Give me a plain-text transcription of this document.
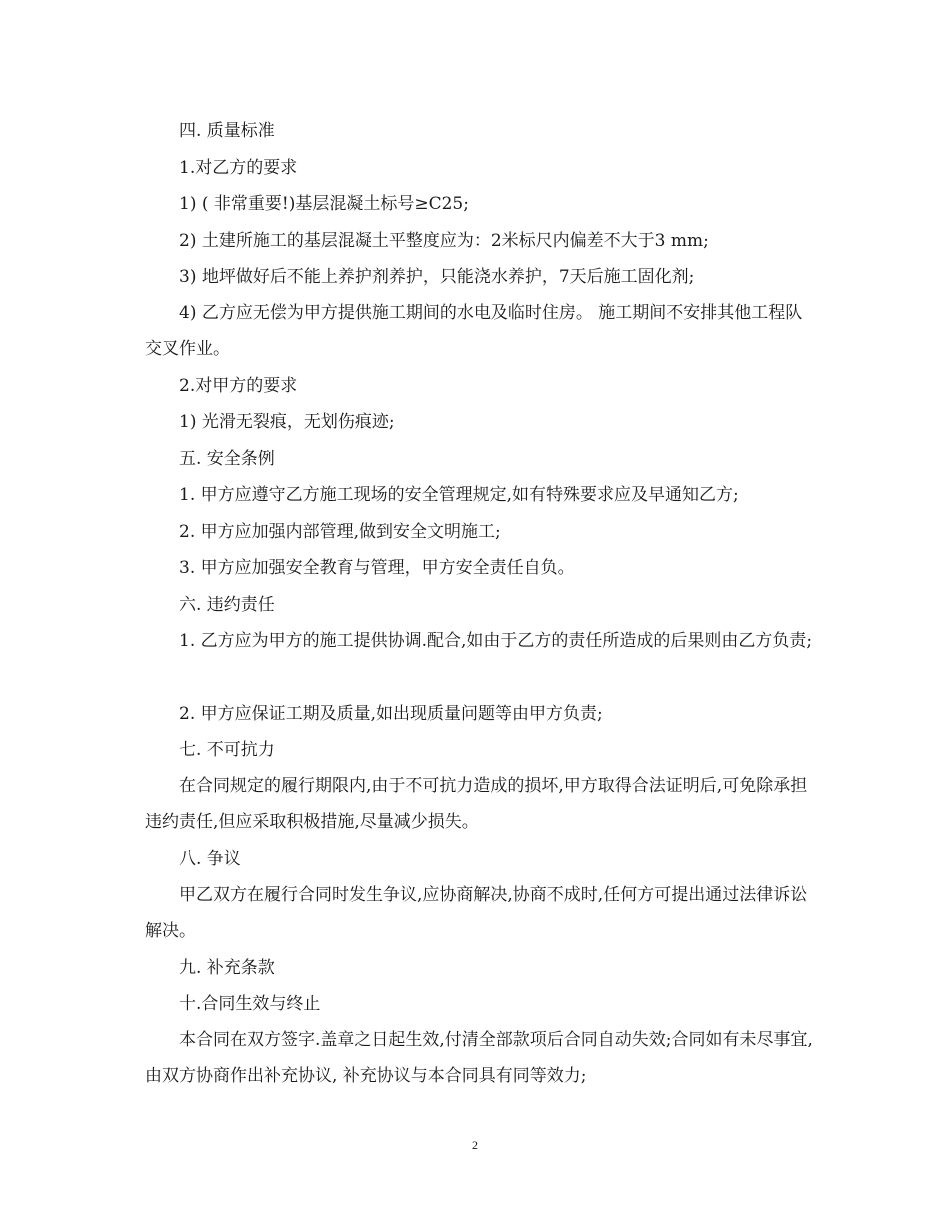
四. 质量标准

1.对乙方的要求

1) ( 非常重要!)基层混凝土标号≥C25;

2) 土建所施工的基层混凝土平整度应为：2米标尺内偏差不大于3 mm;

3) 地坪做好后不能上养护剂养护，只能浇水养护，7天后施工固化剂;

4) 乙方应无偿为甲方提供施工期间的水电及临时住房。 施工期间不安排其他工程队交叉作业。

2.对甲方的要求

1) 光滑无裂痕，无划伤痕迹;

五. 安全条例

1. 甲方应遵守乙方施工现场的安全管理规定,如有特殊要求应及早通知乙方;

2. 甲方应加强内部管理,做到安全文明施工;

3. 甲方应加强安全教育与管理，甲方安全责任自负。

六. 违约责任

1. 乙方应为甲方的施工提供协调.配合,如由于乙方的责任所造成的后果则由乙方负责;

2. 甲方应保证工期及质量,如出现质量问题等由甲方负责;

七. 不可抗力

在合同规定的履行期限内,由于不可抗力造成的损坏,甲方取得合法证明后,可免除承担违约责任,但应采取积极措施,尽量减少损失。

八. 争议

甲乙双方在履行合同时发生争议,应协商解决,协商不成时,任何方可提出通过法律诉讼解决。

九. 补充条款

十.合同生效与终止

本合同在双方签字.盖章之日起生效,付清全部款项后合同自动失效;合同如有未尽事宜,由双方协商作出补充协议, 补充协议与本合同具有同等效力;

2
